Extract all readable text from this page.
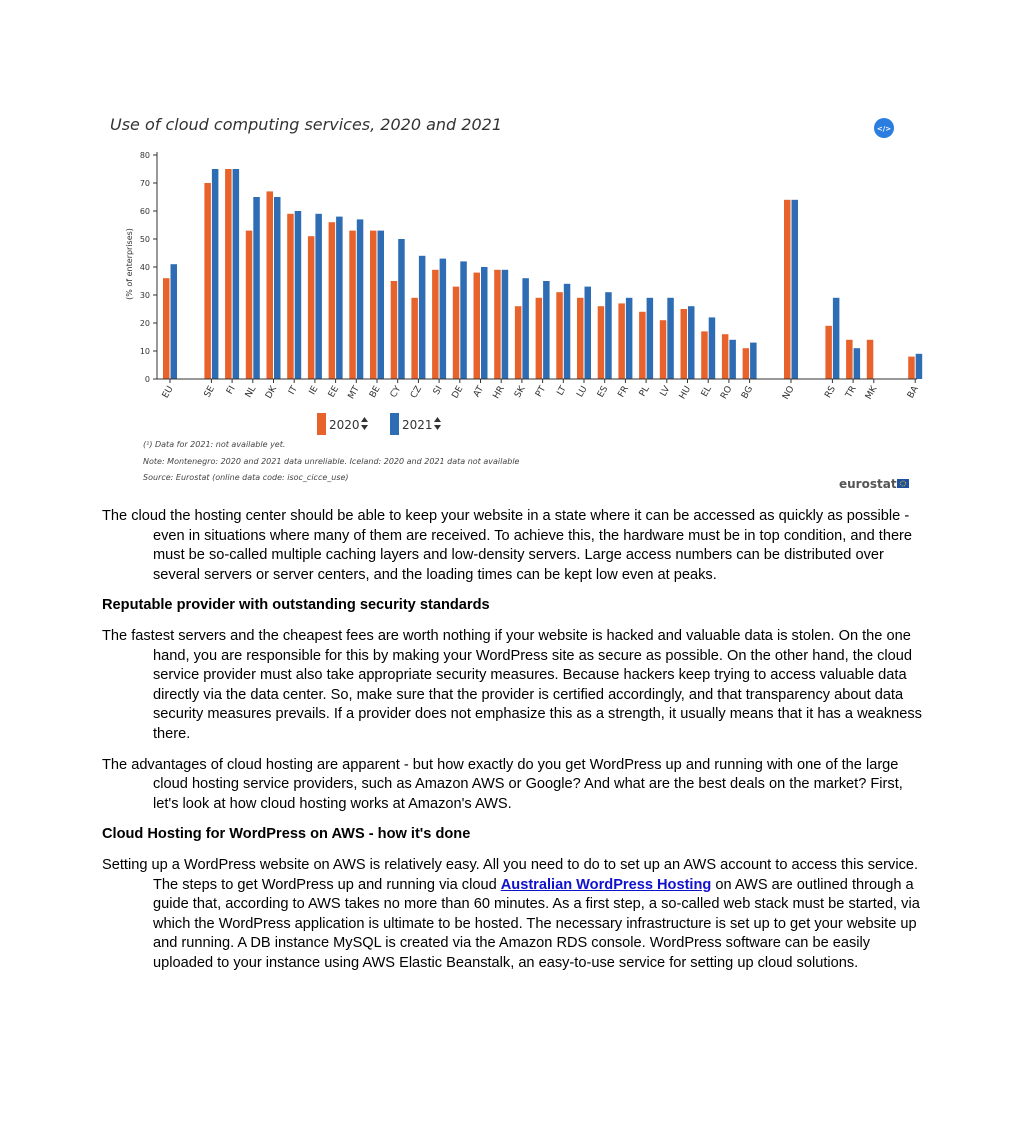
Use of cloud computing services, 2020 and 2021	</>
(% of enterprises)
0
10
20
30
40
50
60
70
80
EU	SE FI NL DK IT IE EE MT BE CY CZ SI DE AT HR SK PT LT LU ES FR PL LV HU EL RO BG	NO	RS TR MK	BA
2020	2021
(¹) Data for 2021: not available yet.
Note: Montenegro: 2020 and 2021 data unreliable. Iceland: 2020 and 2021 data not available
Source: Eurostat (online data code: isoc_cicce_use)	eurostat

The cloud the hosting center should be able to keep your website in a state where it can be accessed as quickly as possible - even in situations where many of them are received. To achieve this, the hardware must be in top condition, and there must be so-called multiple caching layers and low-density servers. Large access numbers can be distributed over several servers or server centers, and the loading times can be kept low even at peaks.

Reputable provider with outstanding security standards

The fastest servers and the cheapest fees are worth nothing if your website is hacked and valuable data is stolen. On the one hand, you are responsible for this by making your WordPress site as secure as possible. On the other hand, the cloud service provider must also take appropriate security measures. Because hackers keep trying to access valuable data directly via the data center. So, make sure that the provider is certified accordingly, and that transparency about data security measures prevails. If a provider does not emphasize this as a strength, it usually means that it has a weakness there.

The advantages of cloud hosting are apparent - but how exactly do you get WordPress up and running with one of the large cloud hosting service providers, such as Amazon AWS or Google? And what are the best deals on the market? First, let's look at how cloud hosting works at Amazon's AWS.

Cloud Hosting for WordPress on AWS - how it's done

Setting up a WordPress website on AWS is relatively easy. All you need to do to set up an AWS account to access this service. The steps to get WordPress up and running via cloud Australian WordPress Hosting on AWS are outlined through a guide that, according to AWS takes no more than 60 minutes. As a first step, a so-called web stack must be started, via which the WordPress application is ultimate to be hosted. The necessary infrastructure is set up to get your website up and running. A DB instance MySQL is created via the Amazon RDS console. WordPress software can be easily uploaded to your instance using AWS Elastic Beanstalk, an easy-to-use service for setting up cloud solutions.
